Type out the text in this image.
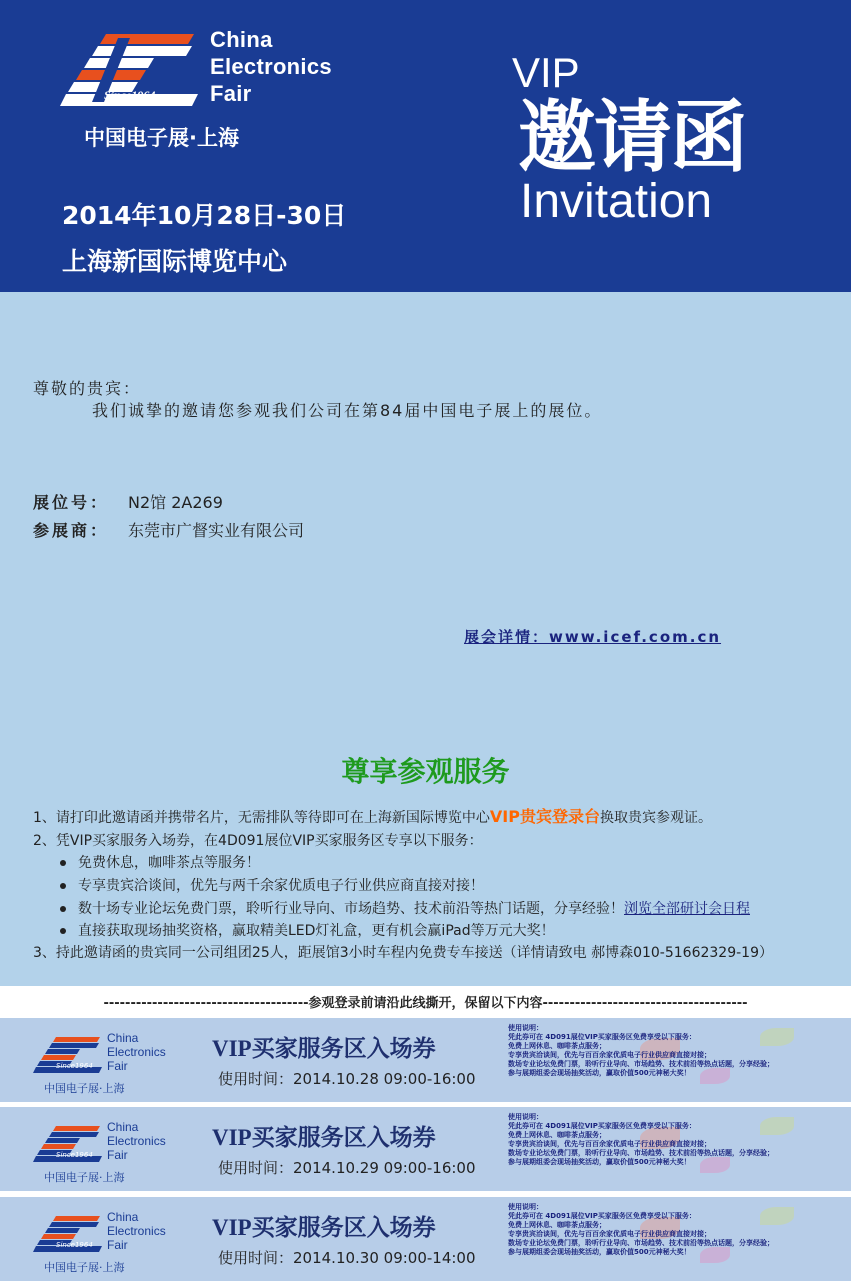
China
Electronics
Fair
Since1964
中国电子展·上海
2014年10月28日-30日
上海新国际博览中心
VIP
邀请函
Invitation
尊敬的贵宾：
我们诚挚的邀请您参观我们公司在第84届中国电子展上的展位。
展位号： N2馆 2A269
参展商： 东莞市广督实业有限公司
展会详情：www.icef.com.cn
尊享参观服务
1、请打印此邀请函并携带名片，无需排队等待即可在上海新国际博览中心VIP贵宾登录台换取贵宾参观证。
2、凭VIP买家服务入场券，在4D091展位VIP买家服务区专享以下服务：
免费休息，咖啡茶点等服务！
专享贵宾洽谈间，优先与两千余家优质电子行业供应商直接对接！
数十场专业论坛免费门票，聆听行业导向、市场趋势、技术前沿等热门话题，分享经验！浏览全部研讨会日程
直接获取现场抽奖资格，赢取精美LED灯礼盒，更有机会赢iPad等万元大奖！
3、持此邀请函的贵宾同一公司组团25人，距展馆3小时车程内免费专车接送（详情请致电 郝博森010-51662329-19）
--------------------------------------参观登录前请沿此线撕开，保留以下内容--------------------------------------
China
Electronics
Fair
Since1964
中国电子展·上海
VIP买家服务区入场券
使用时间：2014.10.28 09:00-16:00
使用说明：
凭此券可在 4D091展位VIP买家服务区免费享受以下服务：
免费上网休息、咖啡茶点服务；
专享贵宾洽谈间，优先与百百余家优质电子行业供应商直接对接；
数场专业论坛免费门票，聆听行业导向、市场趋势、技术前沿等热点话题，分享经验；
参与展期组委会现场抽奖活动，赢取价值500元神秘大奖！
China
Electronics
Fair
Since1964
中国电子展·上海
VIP买家服务区入场券
使用时间：2014.10.29 09:00-16:00
使用说明：
凭此券可在 4D091展位VIP买家服务区免费享受以下服务：
免费上网休息、咖啡茶点服务；
专享贵宾洽谈间，优先与百百余家优质电子行业供应商直接对接；
数场专业论坛免费门票，聆听行业导向、市场趋势、技术前沿等热点话题，分享经验；
参与展期组委会现场抽奖活动，赢取价值500元神秘大奖！
China
Electronics
Fair
Since1964
中国电子展·上海
VIP买家服务区入场券
使用时间：2014.10.30 09:00-14:00
使用说明：
凭此券可在 4D091展位VIP买家服务区免费享受以下服务：
免费上网休息、咖啡茶点服务；
专享贵宾洽谈间，优先与百百余家优质电子行业供应商直接对接；
数场专业论坛免费门票，聆听行业导向、市场趋势、技术前沿等热点话题，分享经验；
参与展期组委会现场抽奖活动，赢取价值500元神秘大奖！
